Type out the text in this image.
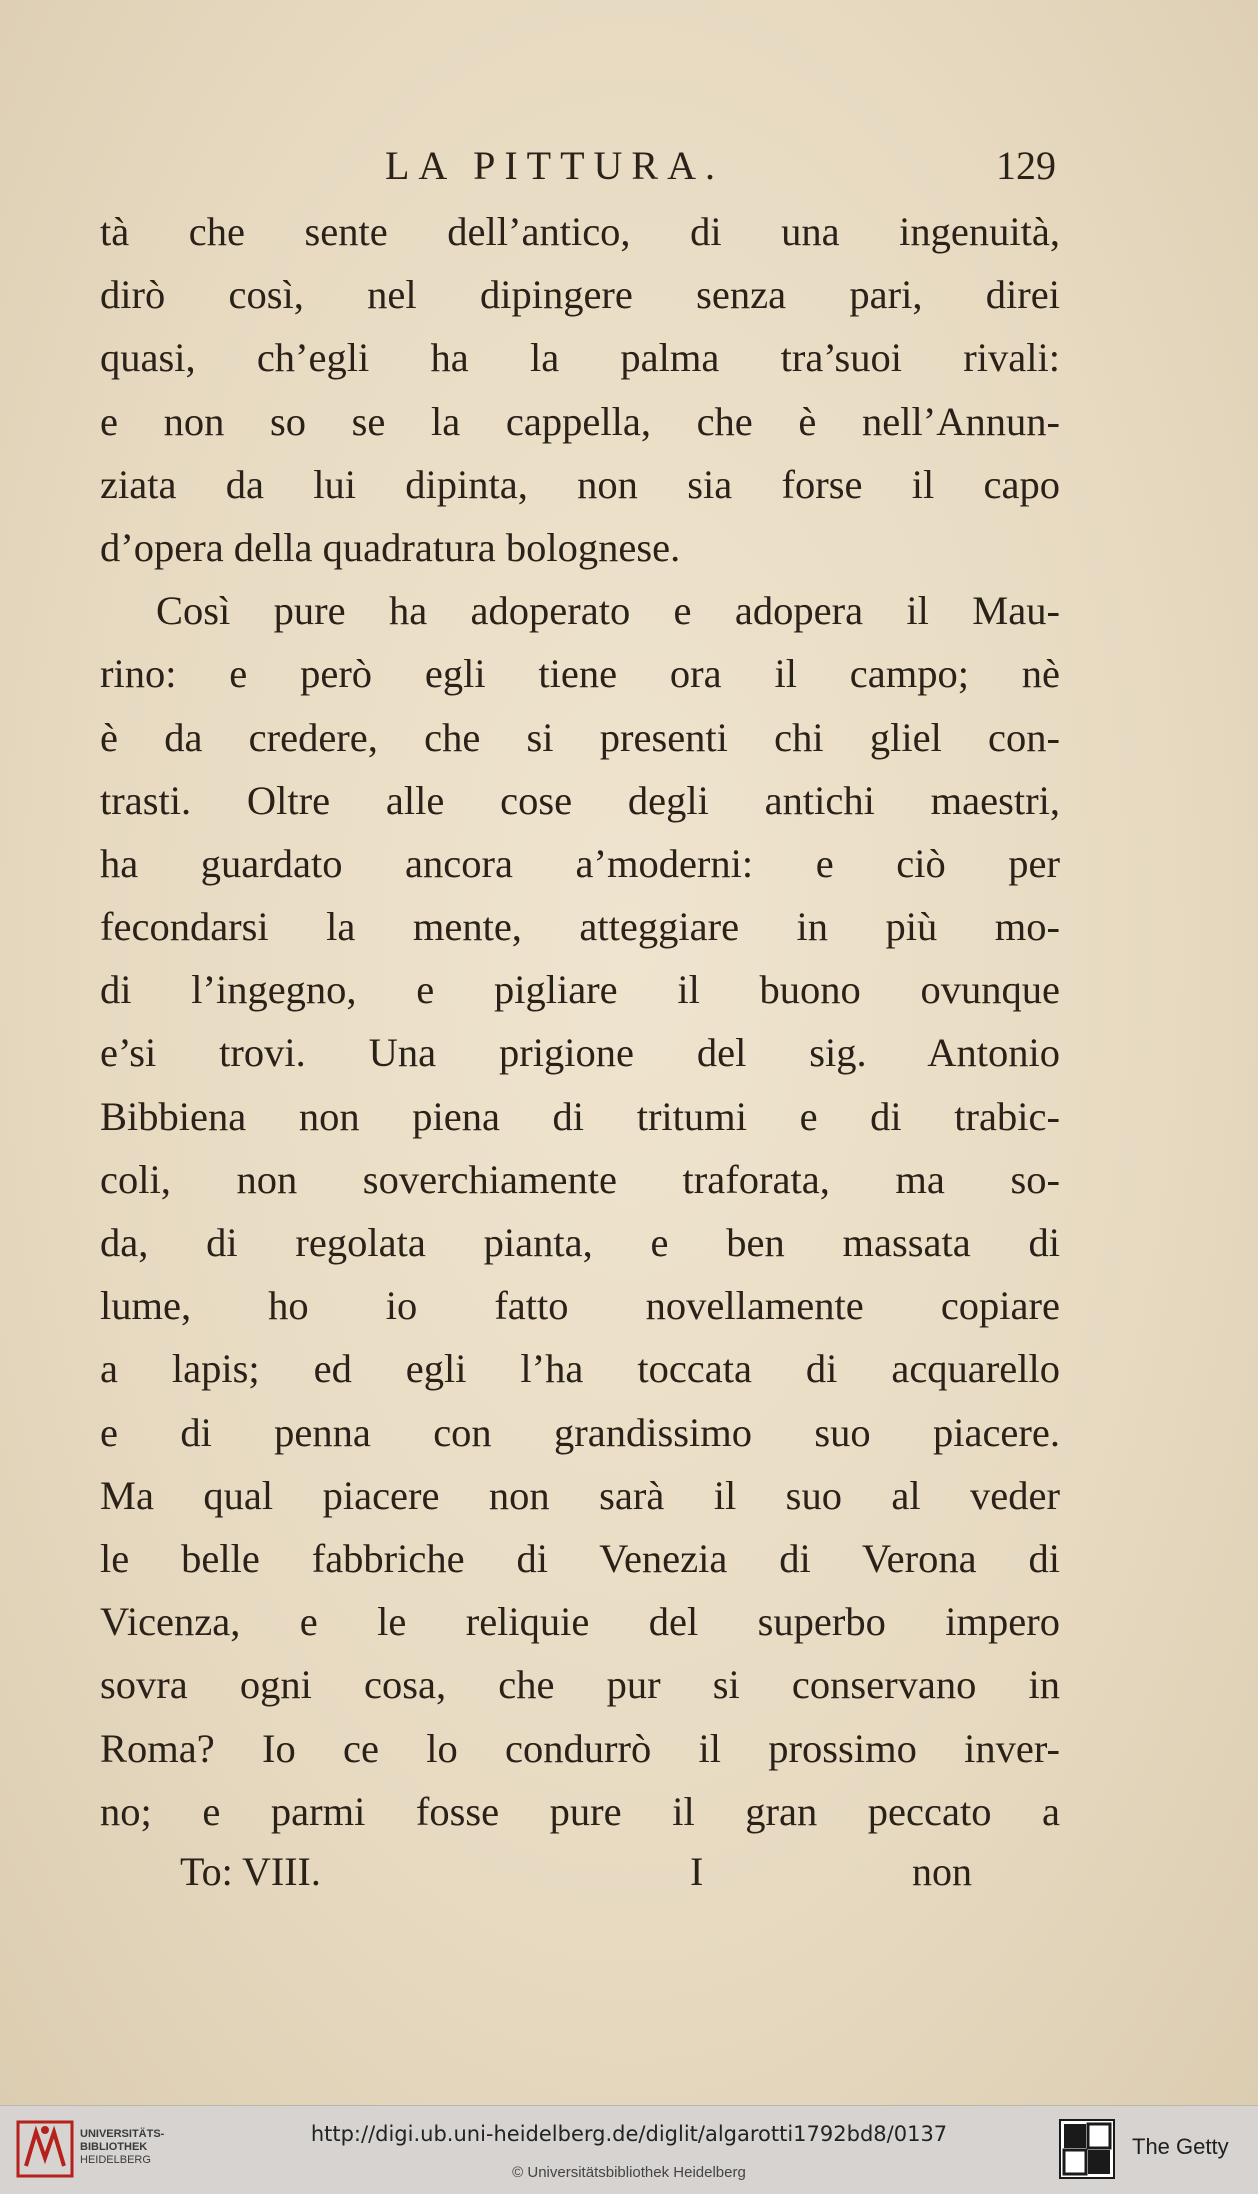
LA PITTURA.	129
tà che sente dell’antico, di una ingenuità,
dirò così, nel dipingere senza pari, direi
quasi, ch’egli ha la palma tra’suoi rivali:
e non so se la cappella, che è nell’Annun-
ziata da lui dipinta, non sia forse il capo
d’opera della quadratura bolognese.
Così pure ha adoperato e adopera il Mau-
rino: e però egli tiene ora il campo; nè
è da credere, che si presenti chi gliel con-
trasti. Oltre alle cose degli antichi maestri,
ha guardato ancora a’moderni: e ciò per
fecondarsi la mente, atteggiare in più mo-
di l’ingegno, e pigliare il buono ovunque
e’si trovi. Una prigione del sig. Antonio
Bibbiena non piena di tritumi e di trabic-
coli, non soverchiamente traforata, ma so-
da, di regolata pianta, e ben massata di
lume, ho io fatto novellamente copiare
a lapis; ed egli l’ha toccata di acquarello
e di penna con grandissimo suo piacere.
Ma qual piacere non sarà il suo al veder
le belle fabbriche di Venezia di Verona di
Vicenza, e le reliquie del superbo impero
sovra ogni cosa, che pur si conservano in
Roma? Io ce lo condurrò il prossimo inver-
no; e parmi fosse pure il gran peccato a
To: VIII.	I	non
UNIVERSITÄTS-
BIBLIOTHEK
HEIDELBERG
http://digi.ub.uni-heidelberg.de/diglit/algarotti1792bd8/0137
© Universitätsbibliothek Heidelberg
The Getty
